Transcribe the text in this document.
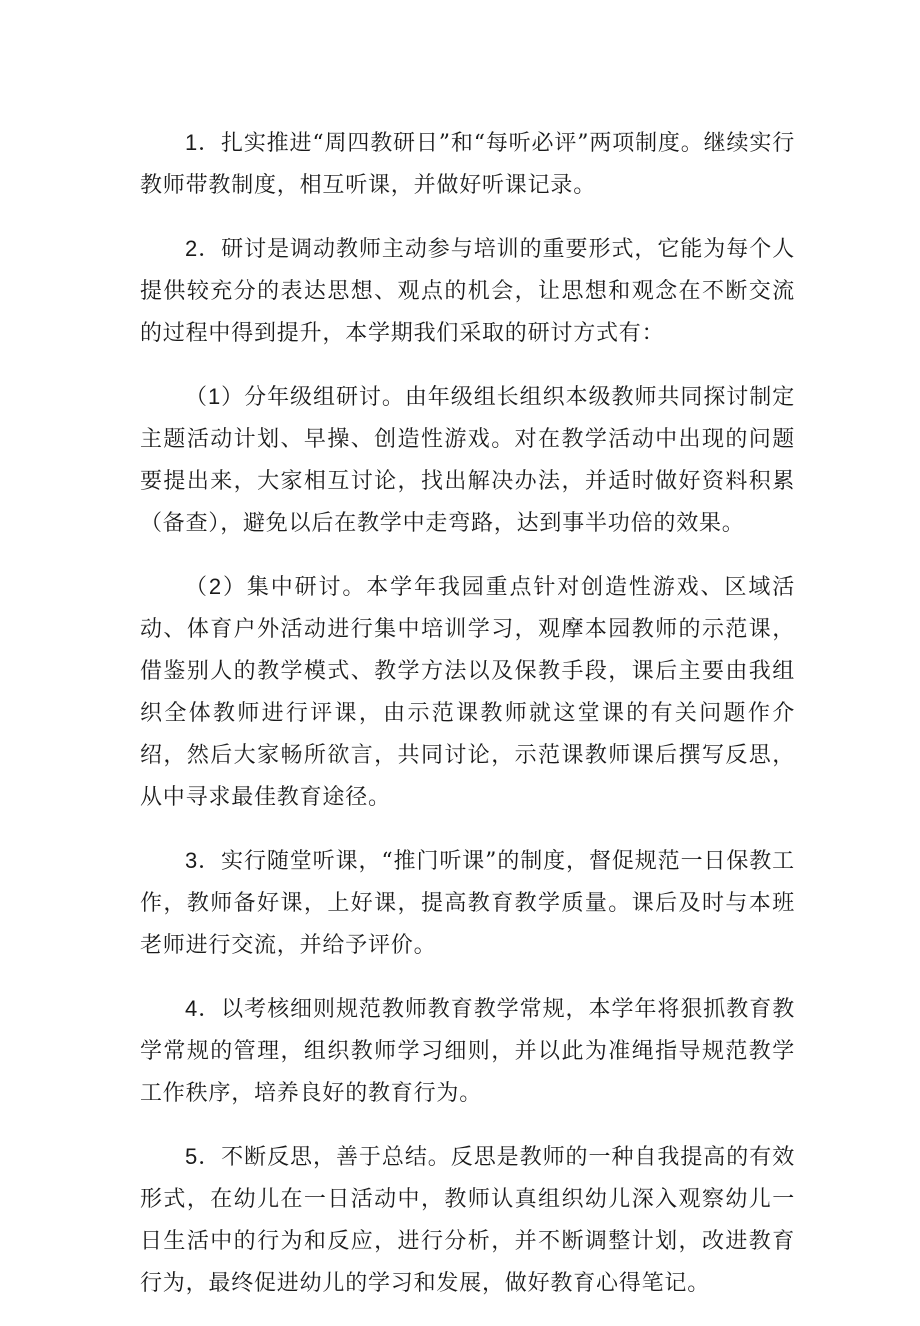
1．扎实推进“周四教研日”和“每听必评”两项制度。继续实行教师带教制度，相互听课，并做好听课记录。

2．研讨是调动教师主动参与培训的重要形式，它能为每个人提供较充分的表达思想、观点的机会，让思想和观念在不断交流的过程中得到提升，本学期我们采取的研讨方式有：

（1）分年级组研讨。由年级组长组织本级教师共同探讨制定主题活动计划、早操、创造性游戏。对在教学活动中出现的问题要提出来，大家相互讨论，找出解决办法，并适时做好资料积累（备查），避免以后在教学中走弯路，达到事半功倍的效果。

（2）集中研讨。本学年我园重点针对创造性游戏、区域活动、体育户外活动进行集中培训学习，观摩本园教师的示范课，借鉴别人的教学模式、教学方法以及保教手段，课后主要由我组织全体教师进行评课，由示范课教师就这堂课的有关问题作介绍，然后大家畅所欲言，共同讨论，示范课教师课后撰写反思，从中寻求最佳教育途径。

3．实行随堂听课，“推门听课”的制度，督促规范一日保教工作，教师备好课，上好课，提高教育教学质量。课后及时与本班老师进行交流，并给予评价。

4．以考核细则规范教师教育教学常规，本学年将狠抓教育教学常规的管理，组织教师学习细则，并以此为准绳指导规范教学工作秩序，培养良好的教育行为。

5．不断反思，善于总结。反思是教师的一种自我提高的有效形式，在幼儿在一日活动中，教师认真组织幼儿深入观察幼儿一日生活中的行为和反应，进行分析，并不断调整计划，改进教育行为，最终促进幼儿的学习和发展，做好教育心得笔记。
